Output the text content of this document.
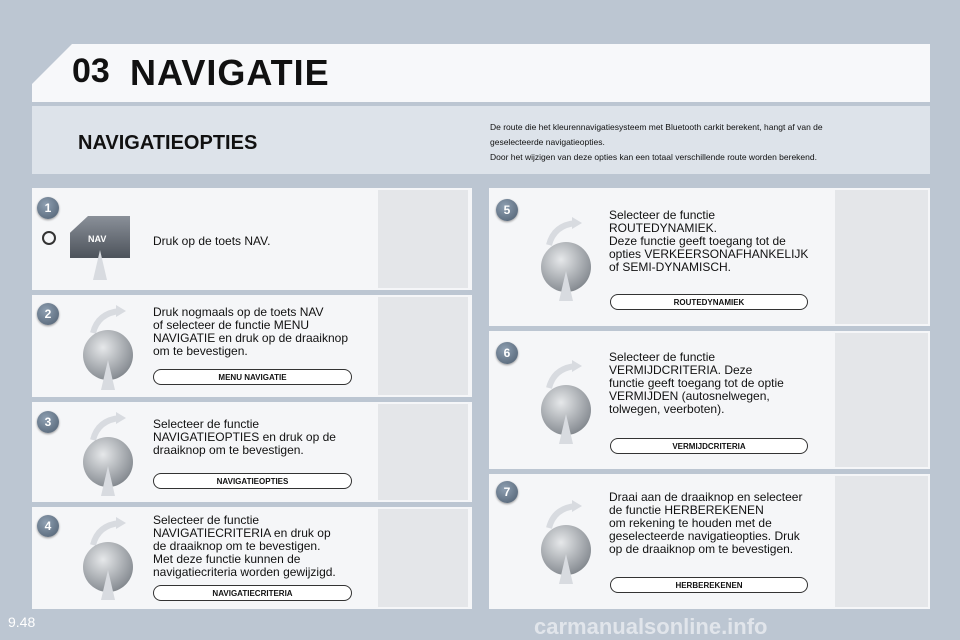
03 NAVIGATIE
NAVIGATIEOPTIES

De route die het kleurennavigatiesysteem met Bluetooth carkit berekent, hangt af van de

geselecteerde navigatieopties.

Door het wijzigen van deze opties kan een totaal verschillende route worden berekend.

1
NAV	Druk op de toets NAV.
2	Druk nogmaals op de toets NAV
of selecteer de functie MENU
NAVIGATIE en druk op de draaiknop
om te bevestigen.
MENU NAVIGATIE
3	Selecteer de functie
NAVIGATIEOPTIES en druk op de
draaiknop om te bevestigen.
NAVIGATIEOPTIES
4	Selecteer de functie
NAVIGATIECRITERIA en druk op
de draaiknop om te bevestigen.
Met deze functie kunnen de
navigatiecriteria worden gewijzigd.
NAVIGATIECRITERIA
5	Selecteer de functie
ROUTEDYNAMIEK.
Deze functie geeft toegang tot de
opties VERKEERSONAFHANKELIJK
of SEMI-DYNAMISCH.
ROUTEDYNAMIEK
6	Selecteer de functie
VERMIJDCRITERIA. Deze
functie geeft toegang tot de optie
VERMIJDEN (autosnelwegen,
tolwegen, veerboten).
VERMIJDCRITERIA
7	Draai aan de draaiknop en selecteer
de functie HERBEREKENEN
om rekening te houden met de
geselecteerde navigatieopties. Druk
op de draaiknop om te bevestigen.
HERBEREKENEN
9.48	carmanualsonline.info
